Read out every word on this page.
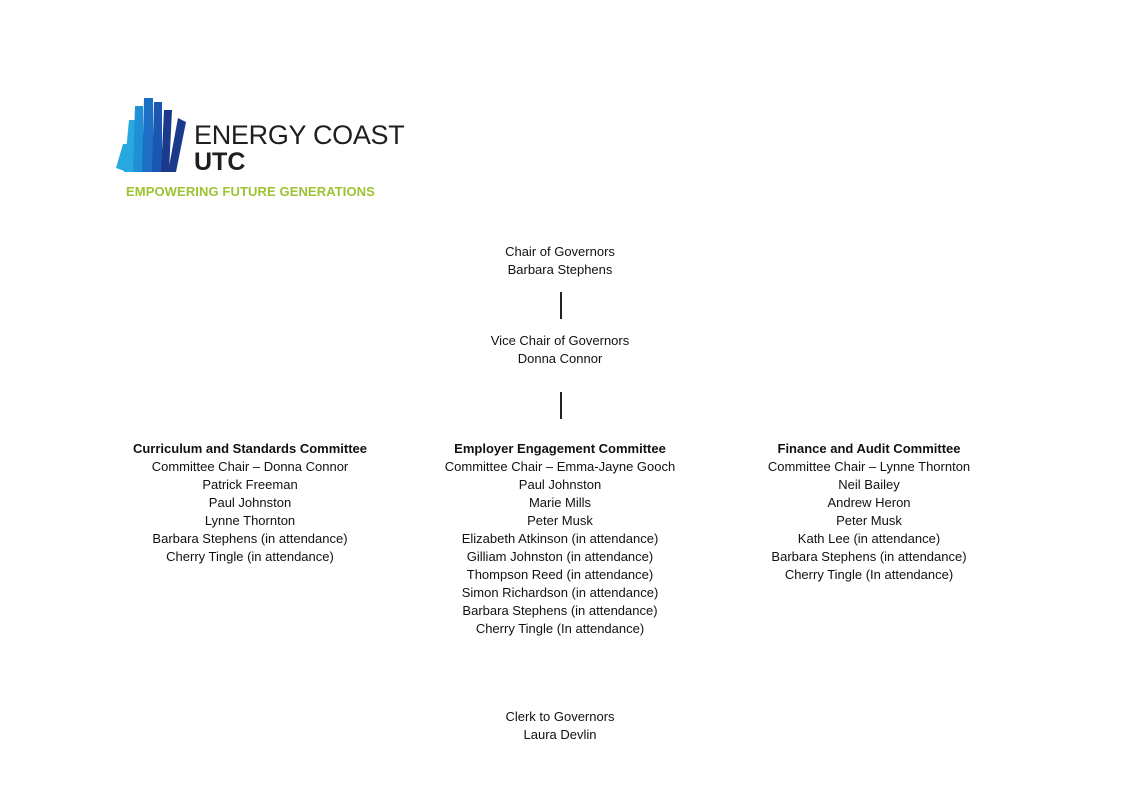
ENERGY COAST
UTC
EMPOWERING FUTURE GENERATIONS
Chair of Governors
Barbara Stephens
Vice Chair of Governors
Donna Connor
Curriculum and Standards Committee
Committee Chair – Donna Connor
Patrick Freeman
Paul Johnston
Lynne Thornton
Barbara Stephens (in attendance)
Cherry Tingle (in attendance)
Employer Engagement Committee
Committee Chair – Emma-Jayne Gooch
Paul Johnston
Marie Mills
Peter Musk
Elizabeth Atkinson (in attendance)
Gilliam Johnston (in attendance)
Thompson Reed (in attendance)
Simon Richardson (in attendance)
Barbara Stephens (in attendance)
Cherry Tingle (In attendance)
Finance and Audit Committee
Committee Chair – Lynne Thornton
Neil Bailey
Andrew Heron
Peter Musk
Kath Lee (in attendance)
Barbara Stephens (in attendance)
Cherry Tingle (In attendance)
Clerk to Governors
Laura Devlin
